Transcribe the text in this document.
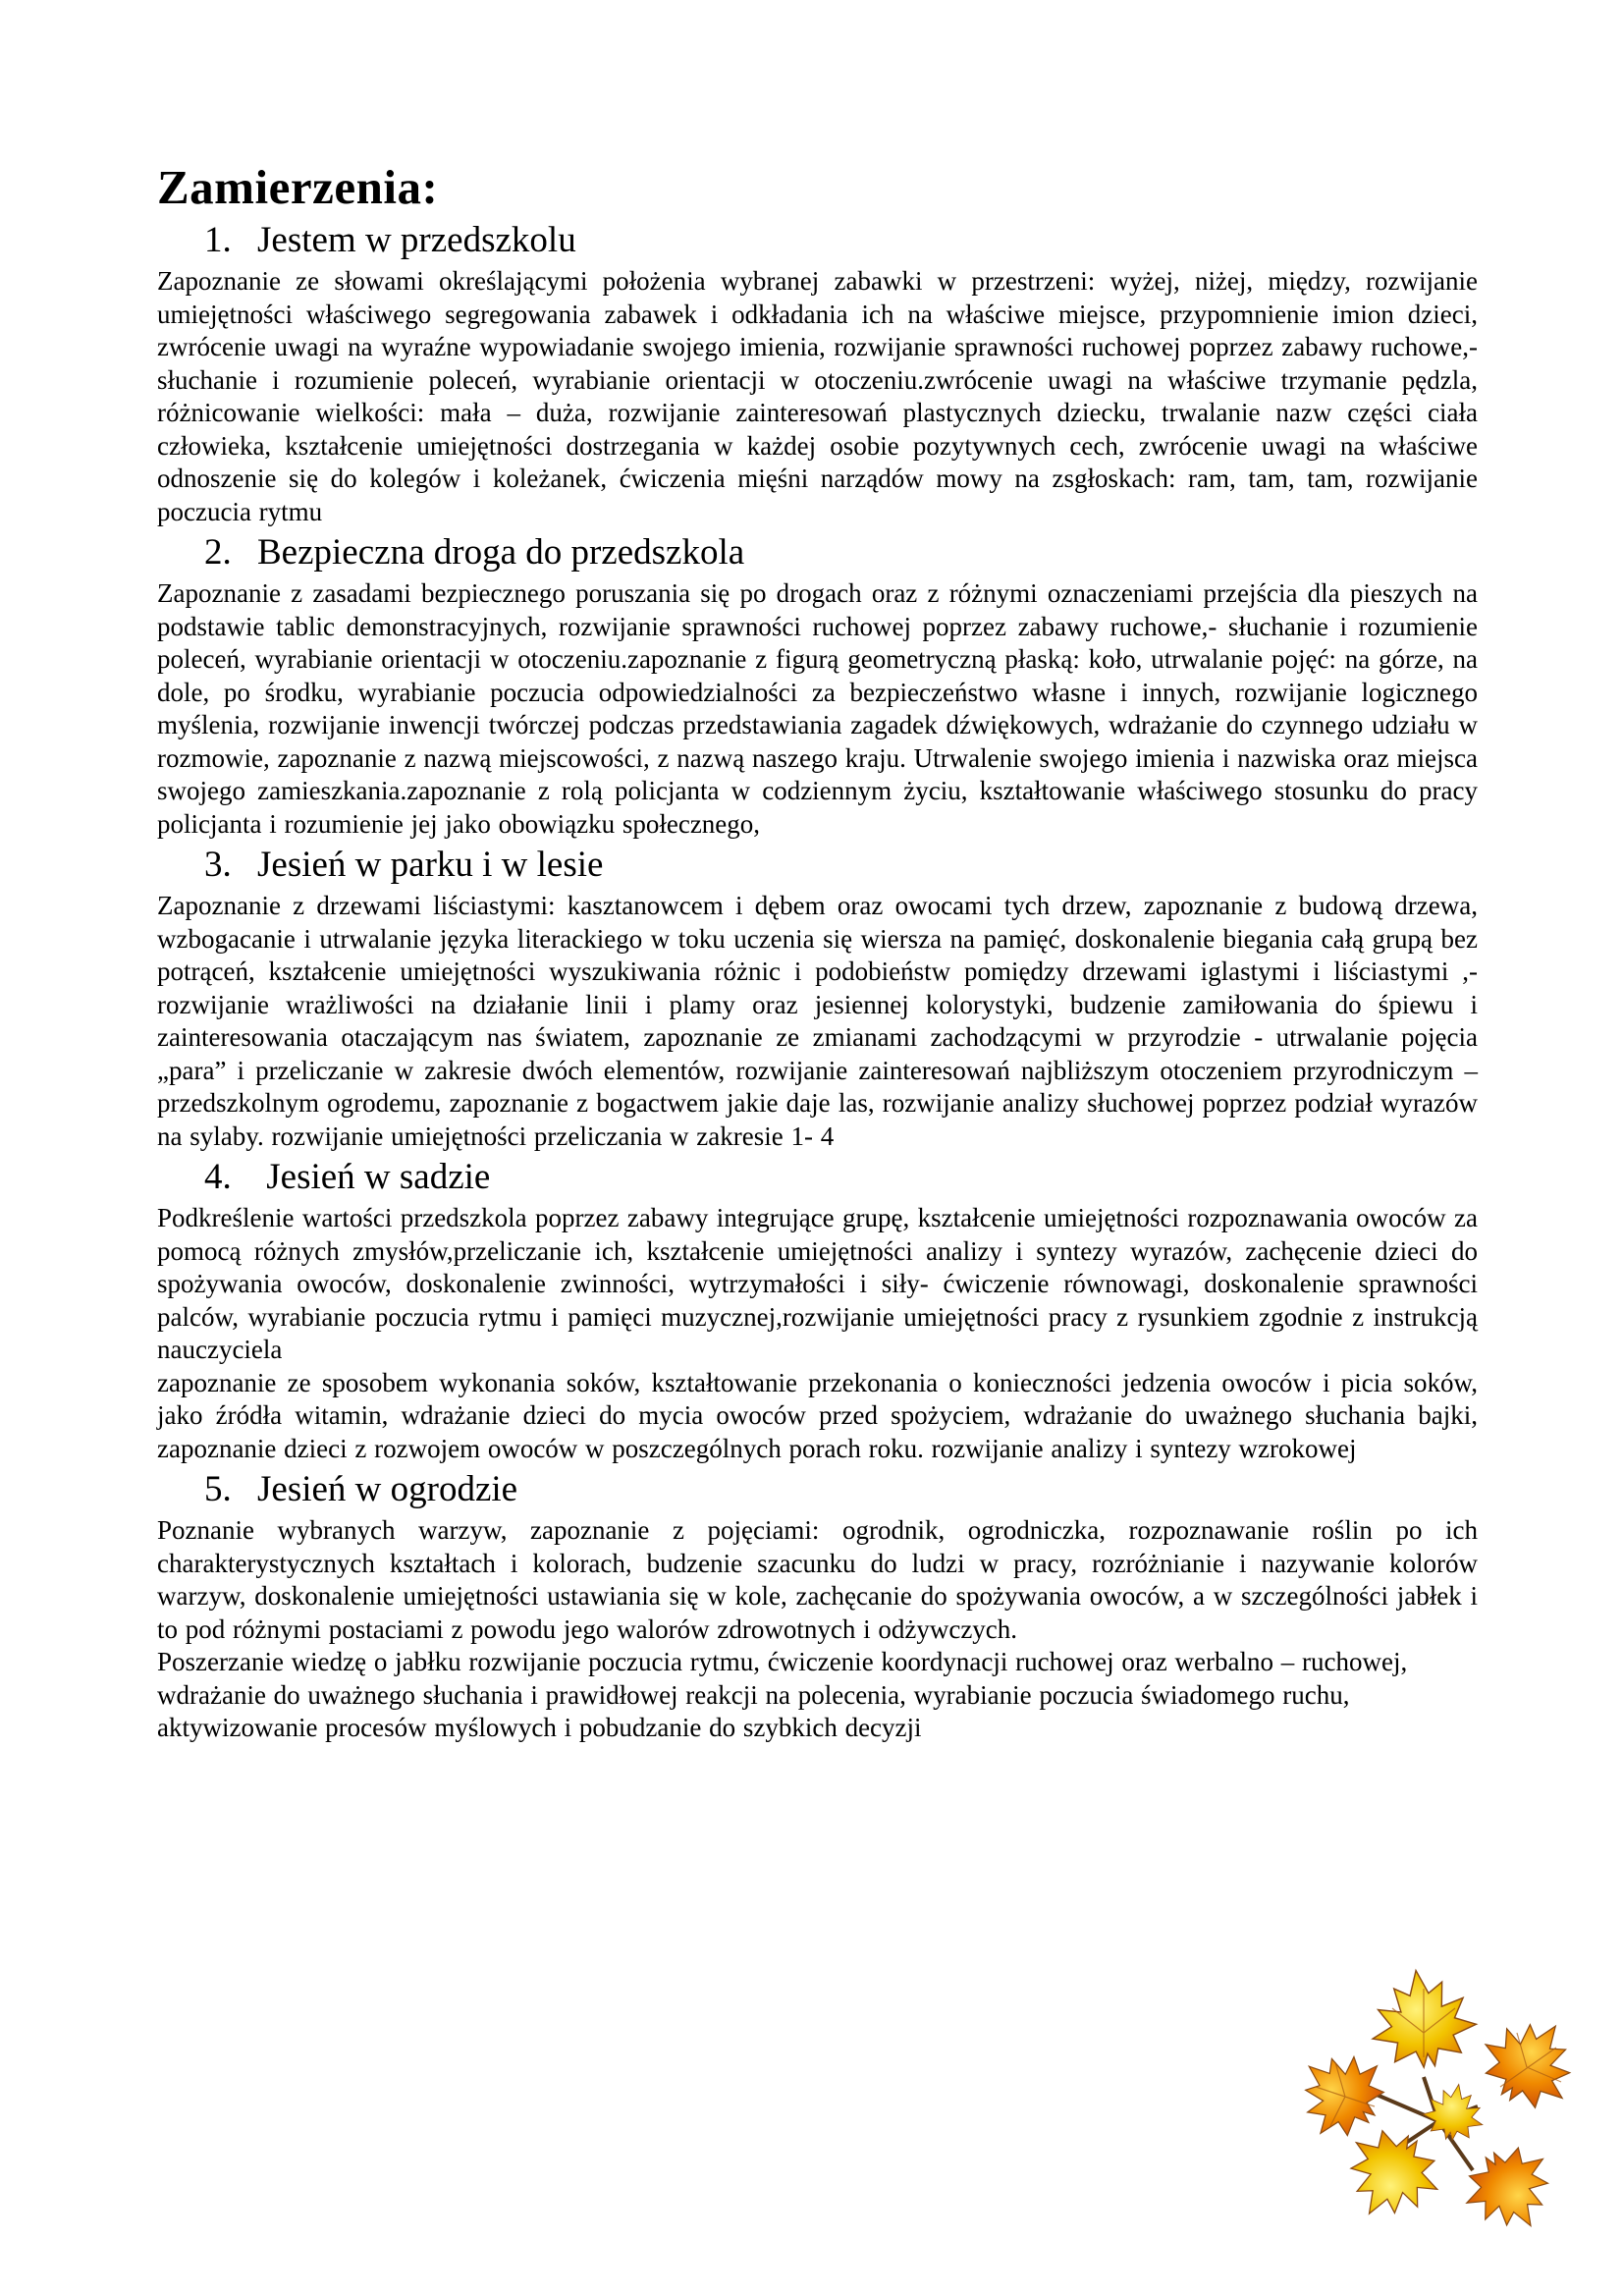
Zamierzenia:
1. Jestem w przedszkolu

Zapoznanie ze słowami określającymi położenia wybranej zabawki w przestrzeni: wyżej, niżej, między, rozwijanie umiejętności właściwego segregowania zabawek i odkładania ich na właściwe miejsce, przypomnienie imion dzieci, zwrócenie uwagi na wyraźne wypowiadanie swojego imienia, rozwijanie sprawności ruchowej poprzez zabawy ruchowe,- słuchanie i rozumienie poleceń, wyrabianie orientacji w otoczeniu.zwrócenie uwagi na właściwe trzymanie pędzla, różnicowanie wielkości: mała – duża, rozwijanie zainteresowań plastycznych dziecku, trwalanie nazw części ciała człowieka, kształcenie umiejętności dostrzegania w każdej osobie pozytywnych cech, zwrócenie uwagi na właściwe odnoszenie się do kolegów i koleżanek, ćwiczenia mięśni narządów mowy na zsgłoskach: ram, tam, tam, rozwijanie poczucia rytmu

2. Bezpieczna droga do przedszkola

Zapoznanie z zasadami bezpiecznego poruszania się po drogach oraz z różnymi oznaczeniami przejścia dla pieszych na podstawie tablic demonstracyjnych, rozwijanie sprawności ruchowej poprzez zabawy ruchowe,- słuchanie i rozumienie poleceń, wyrabianie orientacji w otoczeniu.zapoznanie z figurą geometryczną płaską: koło, utrwalanie pojęć: na górze, na dole, po środku, wyrabianie poczucia odpowiedzialności za bezpieczeństwo własne i innych, rozwijanie logicznego myślenia, rozwijanie inwencji twórczej podczas przedstawiania zagadek dźwiękowych, wdrażanie do czynnego udziału w rozmowie, zapoznanie z nazwą miejscowości, z nazwą naszego kraju. Utrwalenie swojego imienia i nazwiska oraz miejsca swojego zamieszkania.zapoznanie z rolą policjanta w codziennym życiu, kształtowanie właściwego stosunku do pracy policjanta i rozumienie jej jako obowiązku społecznego,

3. Jesień w parku i w lesie

Zapoznanie z drzewami liściastymi: kasztanowcem i dębem oraz owocami tych drzew, zapoznanie z budową drzewa, wzbogacanie i utrwalanie języka literackiego w toku uczenia się wiersza na pamięć, doskonalenie biegania całą grupą bez potrąceń, kształcenie umiejętności wyszukiwania różnic i podobieństw pomiędzy drzewami iglastymi i liściastymi ,- rozwijanie wrażliwości na działanie linii i plamy oraz jesiennej kolorystyki, budzenie zamiłowania do śpiewu i zainteresowania otaczającym nas światem, zapoznanie ze zmianami zachodzącymi w przyrodzie - utrwalanie pojęcia „para” i przeliczanie w zakresie dwóch elementów, rozwijanie zainteresowań najbliższym otoczeniem przyrodniczym – przedszkolnym ogrodemu, zapoznanie z bogactwem jakie daje las, rozwijanie analizy słuchowej poprzez podział wyrazów na sylaby. rozwijanie umiejętności przeliczania w zakresie 1- 4

4. Jesień w sadzie

Podkreślenie wartości przedszkola poprzez zabawy integrujące grupę, kształcenie umiejętności rozpoznawania owoców za pomocą różnych zmysłów,przeliczanie ich, kształcenie umiejętności analizy i syntezy wyrazów, zachęcenie dzieci do spożywania owoców, doskonalenie zwinności, wytrzymałości i siły- ćwiczenie równowagi, doskonalenie sprawności palców, wyrabianie poczucia rytmu i pamięci muzycznej,rozwijanie umiejętności pracy z rysunkiem zgodnie z instrukcją nauczyciela

zapoznanie ze sposobem wykonania soków, kształtowanie przekonania o konieczności jedzenia owoców i picia soków, jako źródła witamin, wdrażanie dzieci do mycia owoców przed spożyciem, wdrażanie do uważnego słuchania bajki, zapoznanie dzieci z rozwojem owoców w poszczególnych porach roku. rozwijanie analizy i syntezy wzrokowej

5. Jesień w ogrodzie

Poznanie wybranych warzyw, zapoznanie z pojęciami: ogrodnik, ogrodniczka, rozpoznawanie roślin po ich charakterystycznych kształtach i kolorach, budzenie szacunku do ludzi w pracy, rozróżnianie i nazywanie kolorów warzyw, doskonalenie umiejętności ustawiania się w kole, zachęcanie do spożywania owoców, a w szczególności jabłek i to pod różnymi postaciami z powodu jego walorów zdrowotnych i odżywczych.

Poszerzanie wiedzę o jabłku rozwijanie poczucia rytmu, ćwiczenie koordynacji ruchowej oraz werbalno – ruchowej, wdrażanie do uważnego słuchania i prawidłowej reakcji na polecenia, wyrabianie poczucia świadomego ruchu, aktywizowanie procesów myślowych i pobudzanie do szybkich decyzji
